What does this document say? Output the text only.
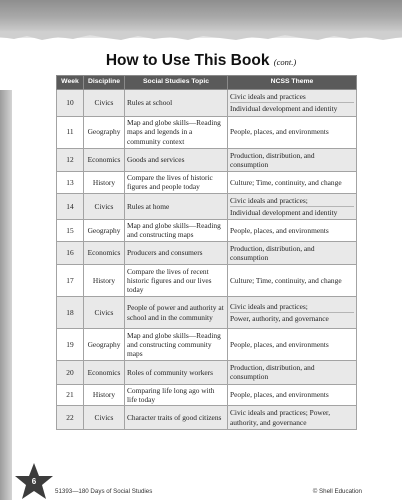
How to Use This Book (cont.)
Week	Discipline	Social Studies Topic	NCSS Theme
10	Civics	Rules at school	Civic ideals and practices
Individual development and identity

11	Geography	Map and globe skills—Reading maps and legends in a community context	People, places, and environments

12	Economics	Goods and services	Production, distribution, and consumption

13	History	Compare the lives of historic figures and people today	Culture; Time, continuity, and change

14	Civics	Rules at home	Civic ideals and practices;
Individual development and identity

15	Geography	Map and globe skills—Reading and constructing maps	People, places, and environments

16	Economics	Producers and consumers	Production, distribution, and consumption

17	History	Compare the lives of recent historic figures and our lives today	Culture; Time, continuity, and change

18	Civics	People of power and authority at school and in the community	Civic ideals and practices;
Power, authority, and governance

19	Geography	Map and globe skills—Reading and constructing community maps	People, places, and environments

20	Economics	Roles of community workers	Production, distribution, and consumption

21	History	Comparing life long ago with life today	People, places, and environments

22	Civics	Character traits of good citizens	Civic ideals and practices; Power, authority, and governance
6
51393—180 Days of Social Studies	© Shell Education
